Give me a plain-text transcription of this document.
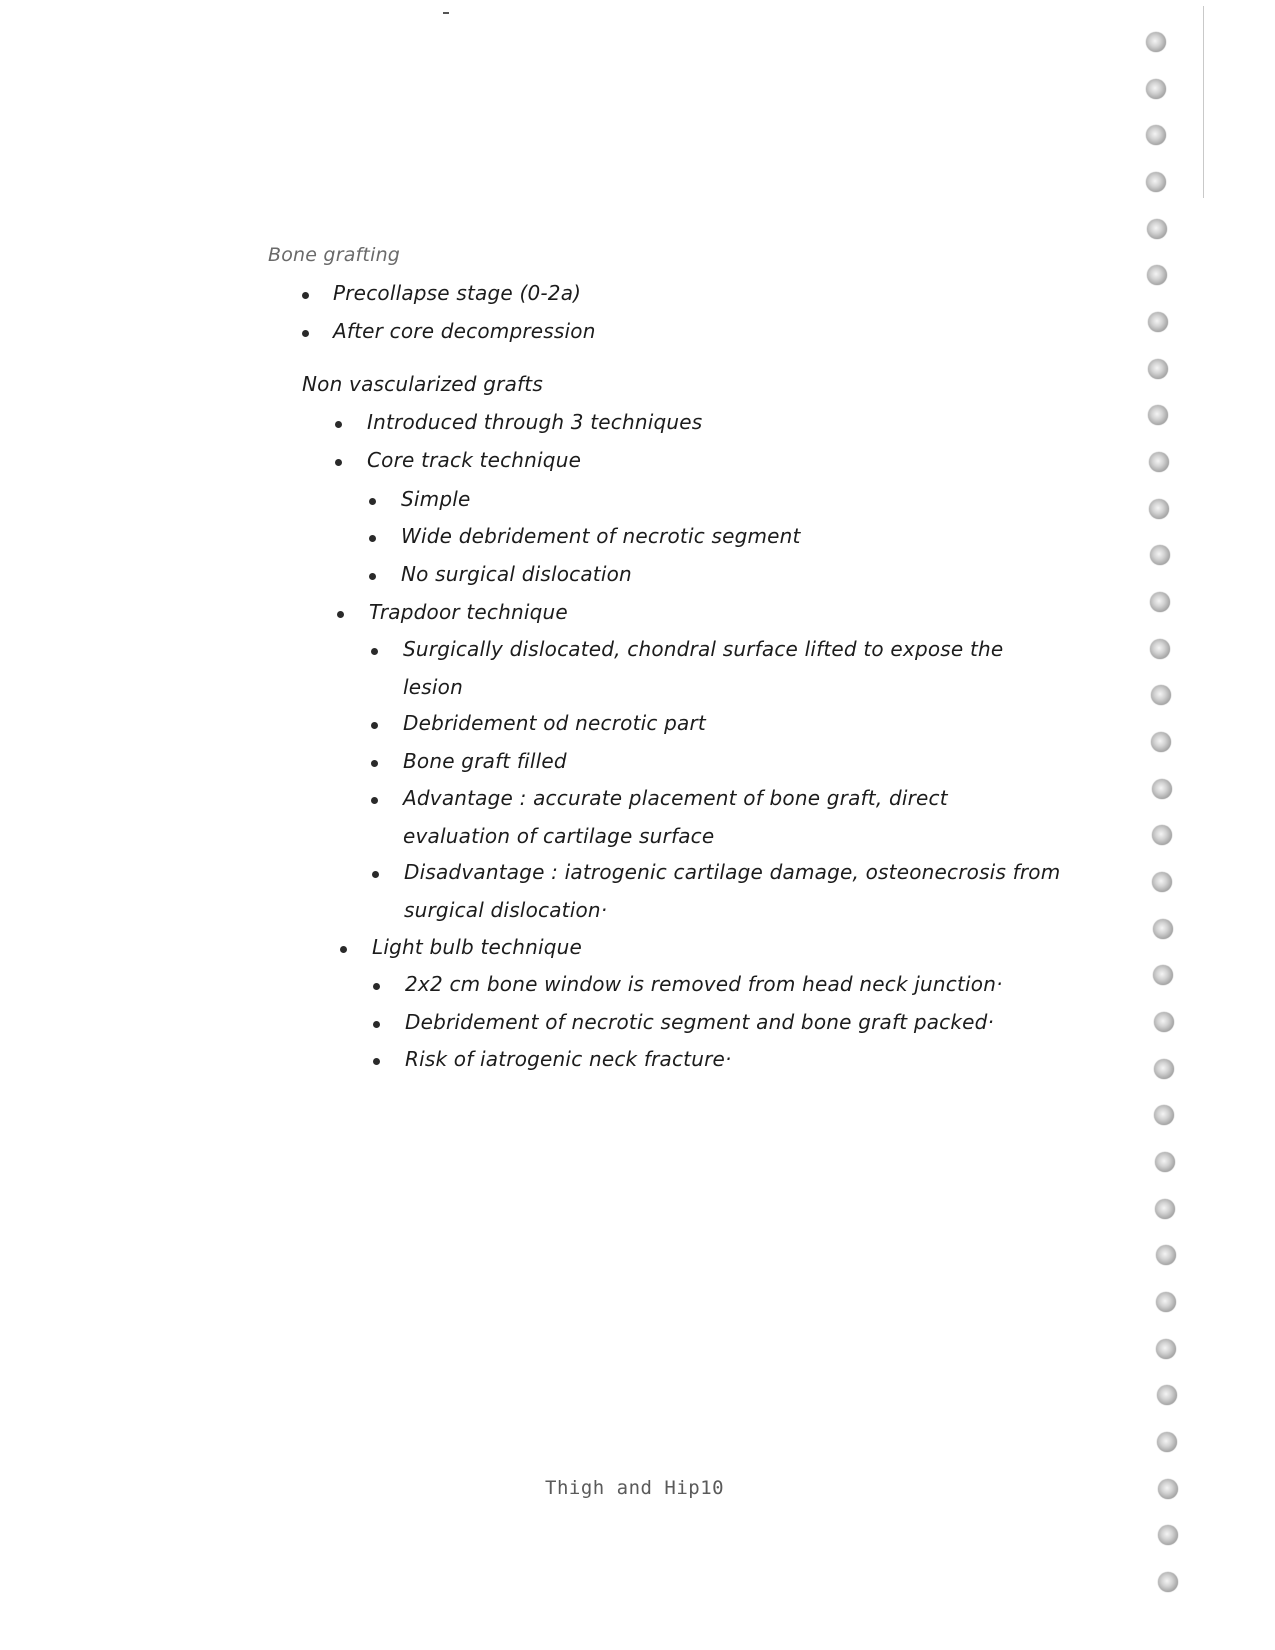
Bone grafting
Precollapse stage (0-2a)
After core decompression
Non vascularized grafts
Introduced through 3 techniques
Core track technique
Simple
Wide debridement of necrotic segment
No surgical dislocation
Trapdoor technique
Surgically dislocated, chondral surface lifted to expose the
lesion
Debridement od necrotic part
Bone graft filled
Advantage : accurate placement of bone graft, direct
evaluation of cartilage surface
Disadvantage : iatrogenic cartilage damage, osteonecrosis from
surgical dislocation·
Light bulb technique
2x2 cm bone window is removed from head neck junction·
Debridement of necrotic segment and bone graft packed·
Risk of iatrogenic neck fracture·
Thigh and Hip10
